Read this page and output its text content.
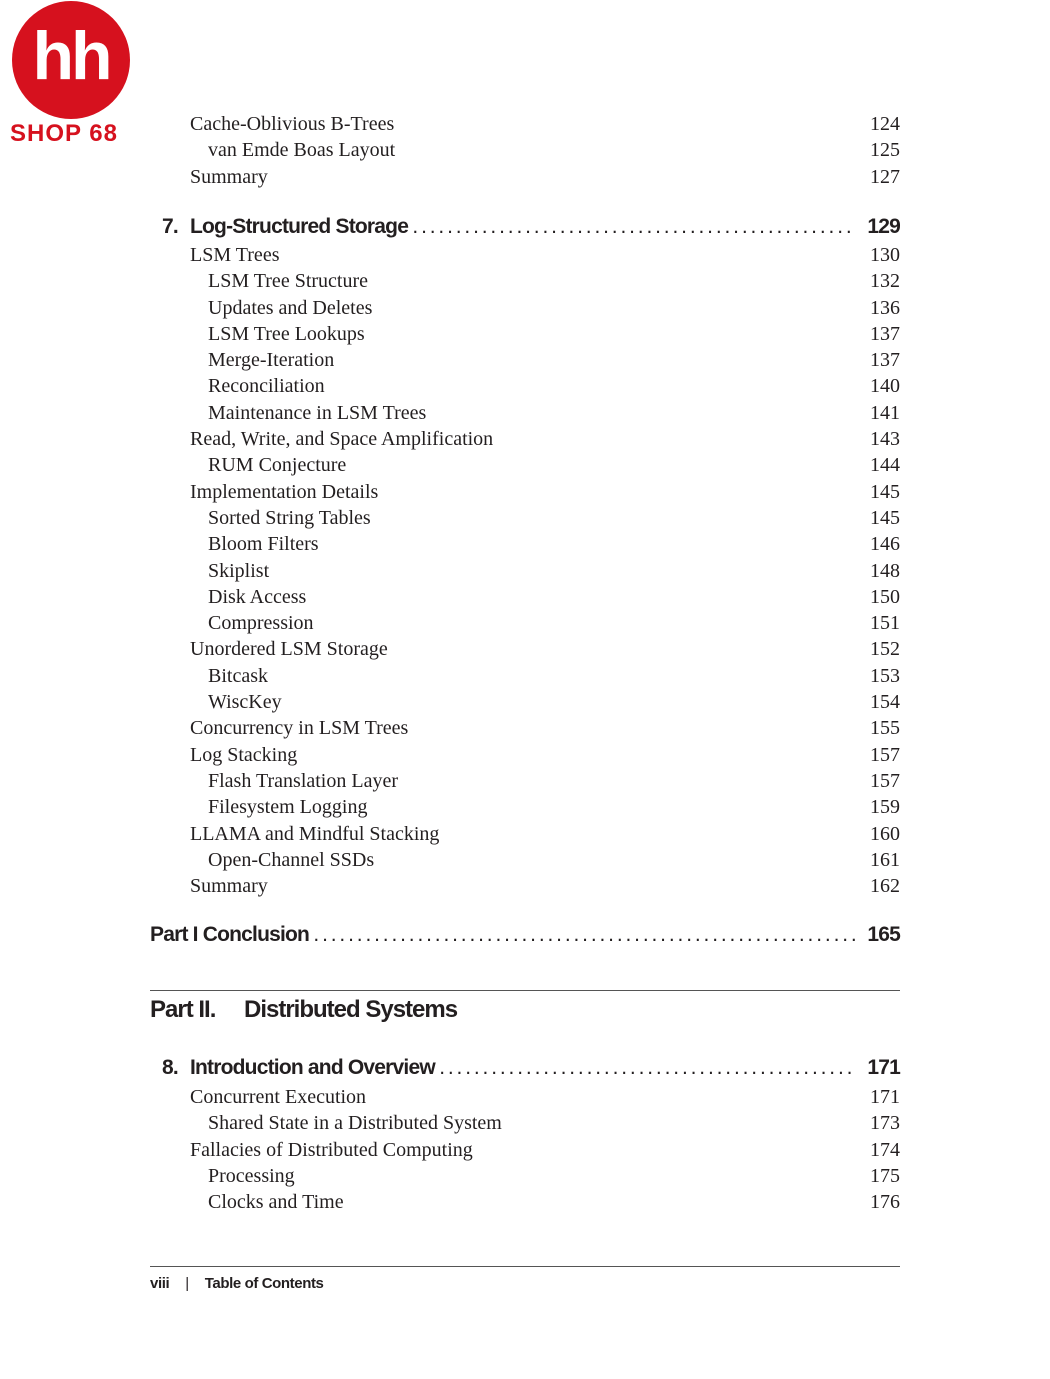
hh
SHOP 68	Cache-Oblivious B-Trees	124
van Emde Boas Layout	125
Summary	127
7. Log-Structured Storage . . .	129
LSM Trees	130
LSM Tree Structure	132
Updates and Deletes	136
LSM Tree Lookups	137
Merge-Iteration	137
Reconciliation	140
Maintenance in LSM Trees	141
Read, Write, and Space Amplification	143
RUM Conjecture	144
Implementation Details	145
Sorted String Tables	145
Bloom Filters	146
Skiplist	148
Disk Access	150
Compression	151
Unordered LSM Storage	152
Bitcask	153
WiscKey	154
Concurrency in LSM Trees	155
Log Stacking	157
Flash Translation Layer	157
Filesystem Logging	159
LLAMA and Mindful Stacking	160
Open-Channel SSDs	161
Summary	162
Part I Conclusion . . .	165
Part II. Distributed Systems
8. Introduction and Overview . . .	171
Concurrent Execution	171
Shared State in a Distributed System	173
Fallacies of Distributed Computing	174
Processing	175
Clocks and Time	176
viii | Table of Contents
